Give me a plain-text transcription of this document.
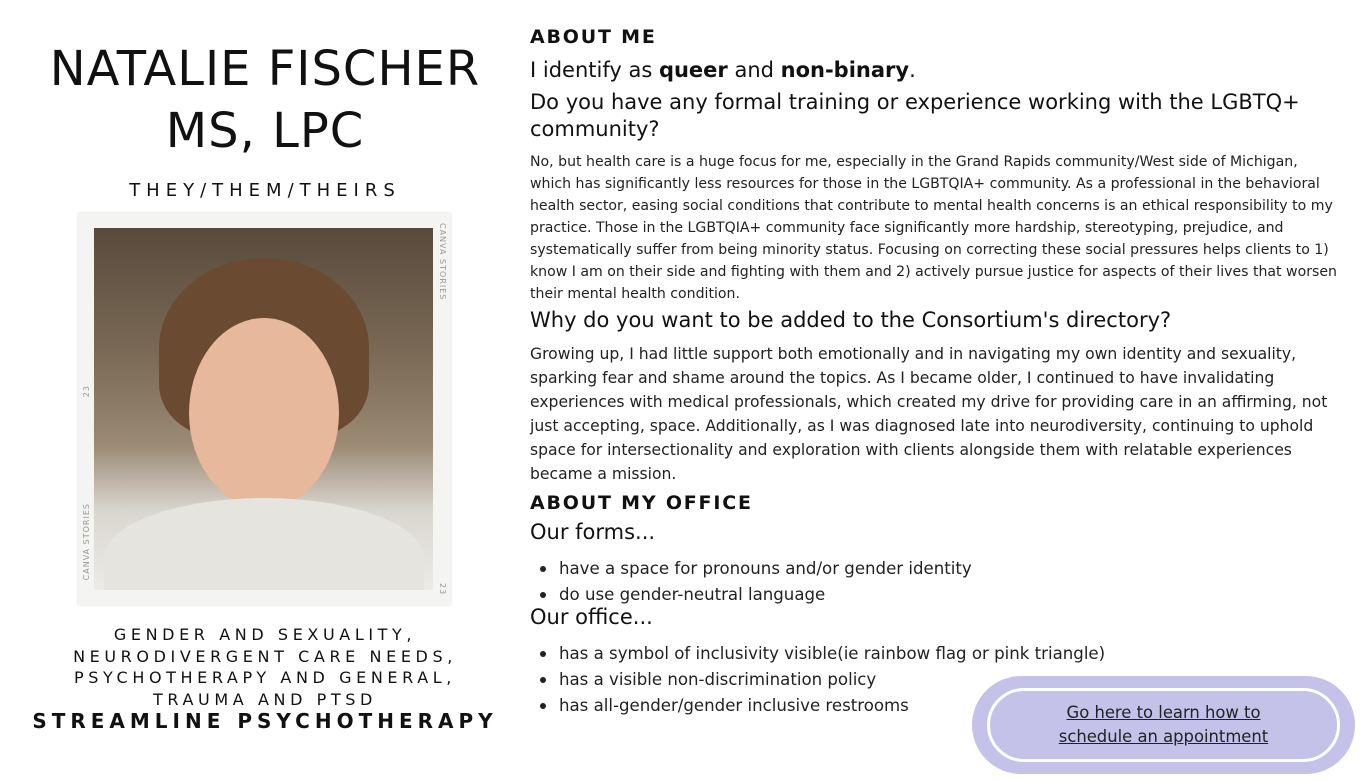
NATALIE FISCHER
MS, LPC
THEY/THEM/THEIRS
CANVA STORIES
CANVA STORIES
23
23
GENDER AND SEXUALITY,
NEURODIVERGENT CARE NEEDS,
PSYCHOTHERAPY AND GENERAL,
TRAUMA AND PTSD
STREAMLINE PSYCHOTHERAPY
ABOUT ME
I identify as queer and non-binary.
Do you have any formal training or experience working with the LGBTQ+ community?
No, but health care is a huge focus for me, especially in the Grand Rapids community/West side of Michigan, which has significantly less resources for those in the LGBTQIA+ community. As a professional in the behavioral health sector, easing social conditions that contribute to mental health concerns is an ethical responsibility to my practice. Those in the LGBTQIA+ community face significantly more hardship, stereotyping, prejudice, and systematically suffer from being minority status. Focusing on correcting these social pressures helps clients to 1) know I am on their side and fighting with them and 2) actively pursue justice for aspects of their lives that worsen their mental health condition.
Why do you want to be added to the Consortium's directory?
Growing up, I had little support both emotionally and in navigating my own identity and sexuality, sparking fear and shame around the topics. As I became older, I continued to have invalidating experiences with medical professionals, which created my drive for providing care in an affirming, not just accepting, space. Additionally, as I was diagnosed late into neurodiversity, continuing to uphold space for intersectionality and exploration with clients alongside them with relatable experiences became a mission.
ABOUT MY OFFICE
Our forms...
have a space for pronouns and/or gender identity
do use gender-neutral language
Our office...
has a symbol of inclusivity visible(ie rainbow flag or pink triangle)
has a visible non-discrimination policy
has all-gender/gender inclusive restrooms	Go here to learn how to schedule an appointment
